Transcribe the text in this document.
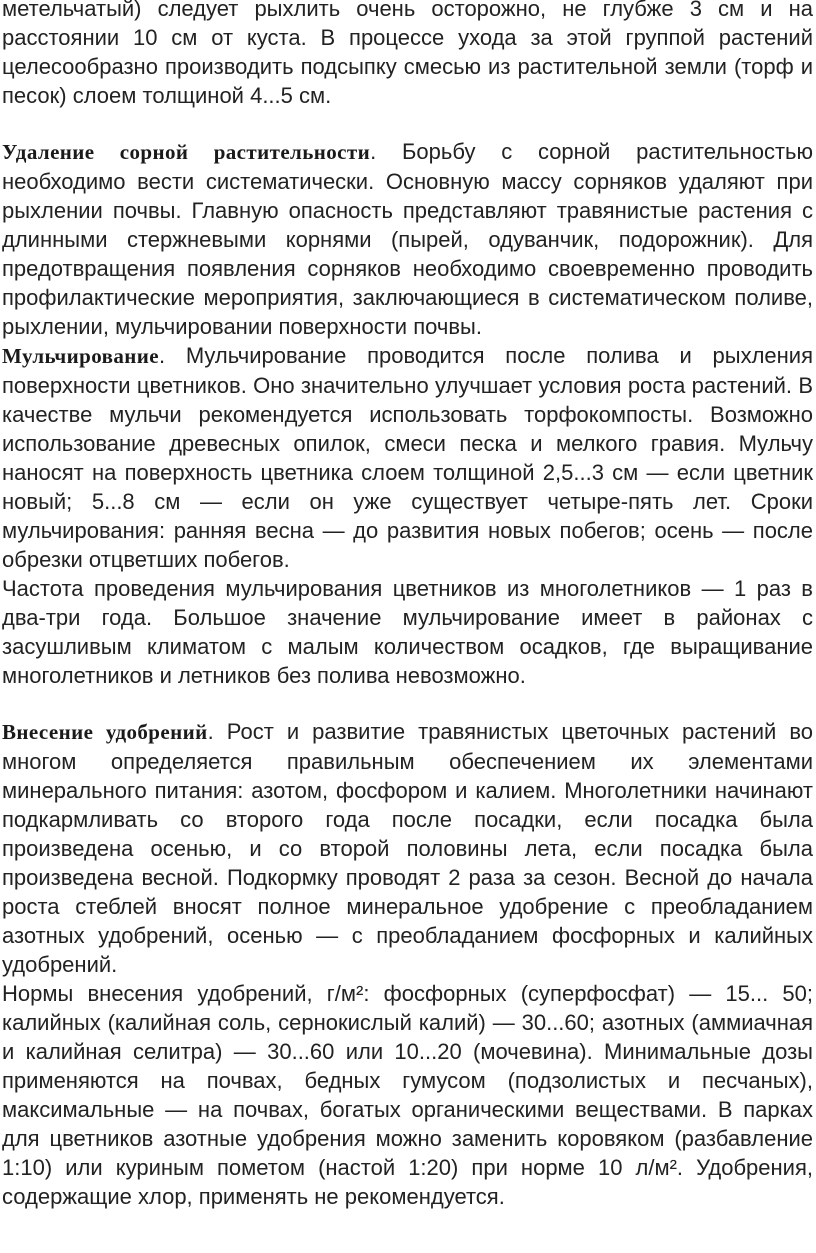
метельчатый) следует рыхлить очень осторожно, не глубже 3 см и на расстоянии 10 см от куста. В процессе ухода за этой группой растений целесообразно производить подсыпку смесью из растительной земли (торф и песок) слоем толщиной 4...5 см.

Удаление сорной растительности. Борьбу с сорной растительностью необходимо вести систематически. Основную массу сорняков удаляют при рыхлении почвы. Главную опасность представляют травянистые растения с длинными стержневыми корнями (пырей, одуванчик, подорожник). Для предотвращения появления сорняков необходимо своевременно проводить профилактические мероприятия, заключающиеся в систематическом поливе, рыхлении, мульчировании поверхности почвы.

Мульчирование. Мульчирование проводится после полива и рыхления поверхности цветников. Оно значительно улучшает условия роста растений. В качестве мульчи рекомендуется использовать торфокомпосты. Возможно использование древесных опилок, смеси песка и мелкого гравия. Мульчу наносят на поверхность цветника слоем толщиной 2,5...3 см — если цветник новый; 5...8 см — если он уже существует четыре-пять лет. Сроки мульчирования: ранняя весна — до развития новых побегов; осень — после обрезки отцветших побегов.

Частота проведения мульчирования цветников из многолетников — 1 раз в два-три года. Большое значение мульчирование имеет в районах с засушливым климатом с малым количеством осадков, где выращивание многолетников и летников без полива невозможно.

Внесение удобрений. Рост и развитие травянистых цветочных растений во многом определяется правильным обеспечением их элементами минерального питания: азотом, фосфором и калием. Многолетники начинают подкармливать со второго года после посадки, если посадка была произведена осенью, и со второй половины лета, если посадка была произведена весной. Подкормку проводят 2 раза за сезон. Весной до начала роста стеблей вносят полное минеральное удобрение с преобладанием азотных удобрений, осенью — с преобладанием фосфорных и калийных удобрений.

Нормы внесения удобрений, г/м²: фосфорных (суперфосфат) — 15... 50; калийных (калийная соль, сернокислый калий) — 30...60; азотных (аммиачная и калийная селитра) — 30...60 или 10...20 (мочевина). Минимальные дозы применяются на почвах, бедных гумусом (подзолистых и песчаных), максимальные — на почвах, богатых органическими веществами. В парках для цветников азотные удобрения можно заменить коровяком (разбавление 1:10) или куриным пометом (настой 1:20) при норме 10 л/м². Удобрения, содержащие хлор, применять не рекомендуется.
